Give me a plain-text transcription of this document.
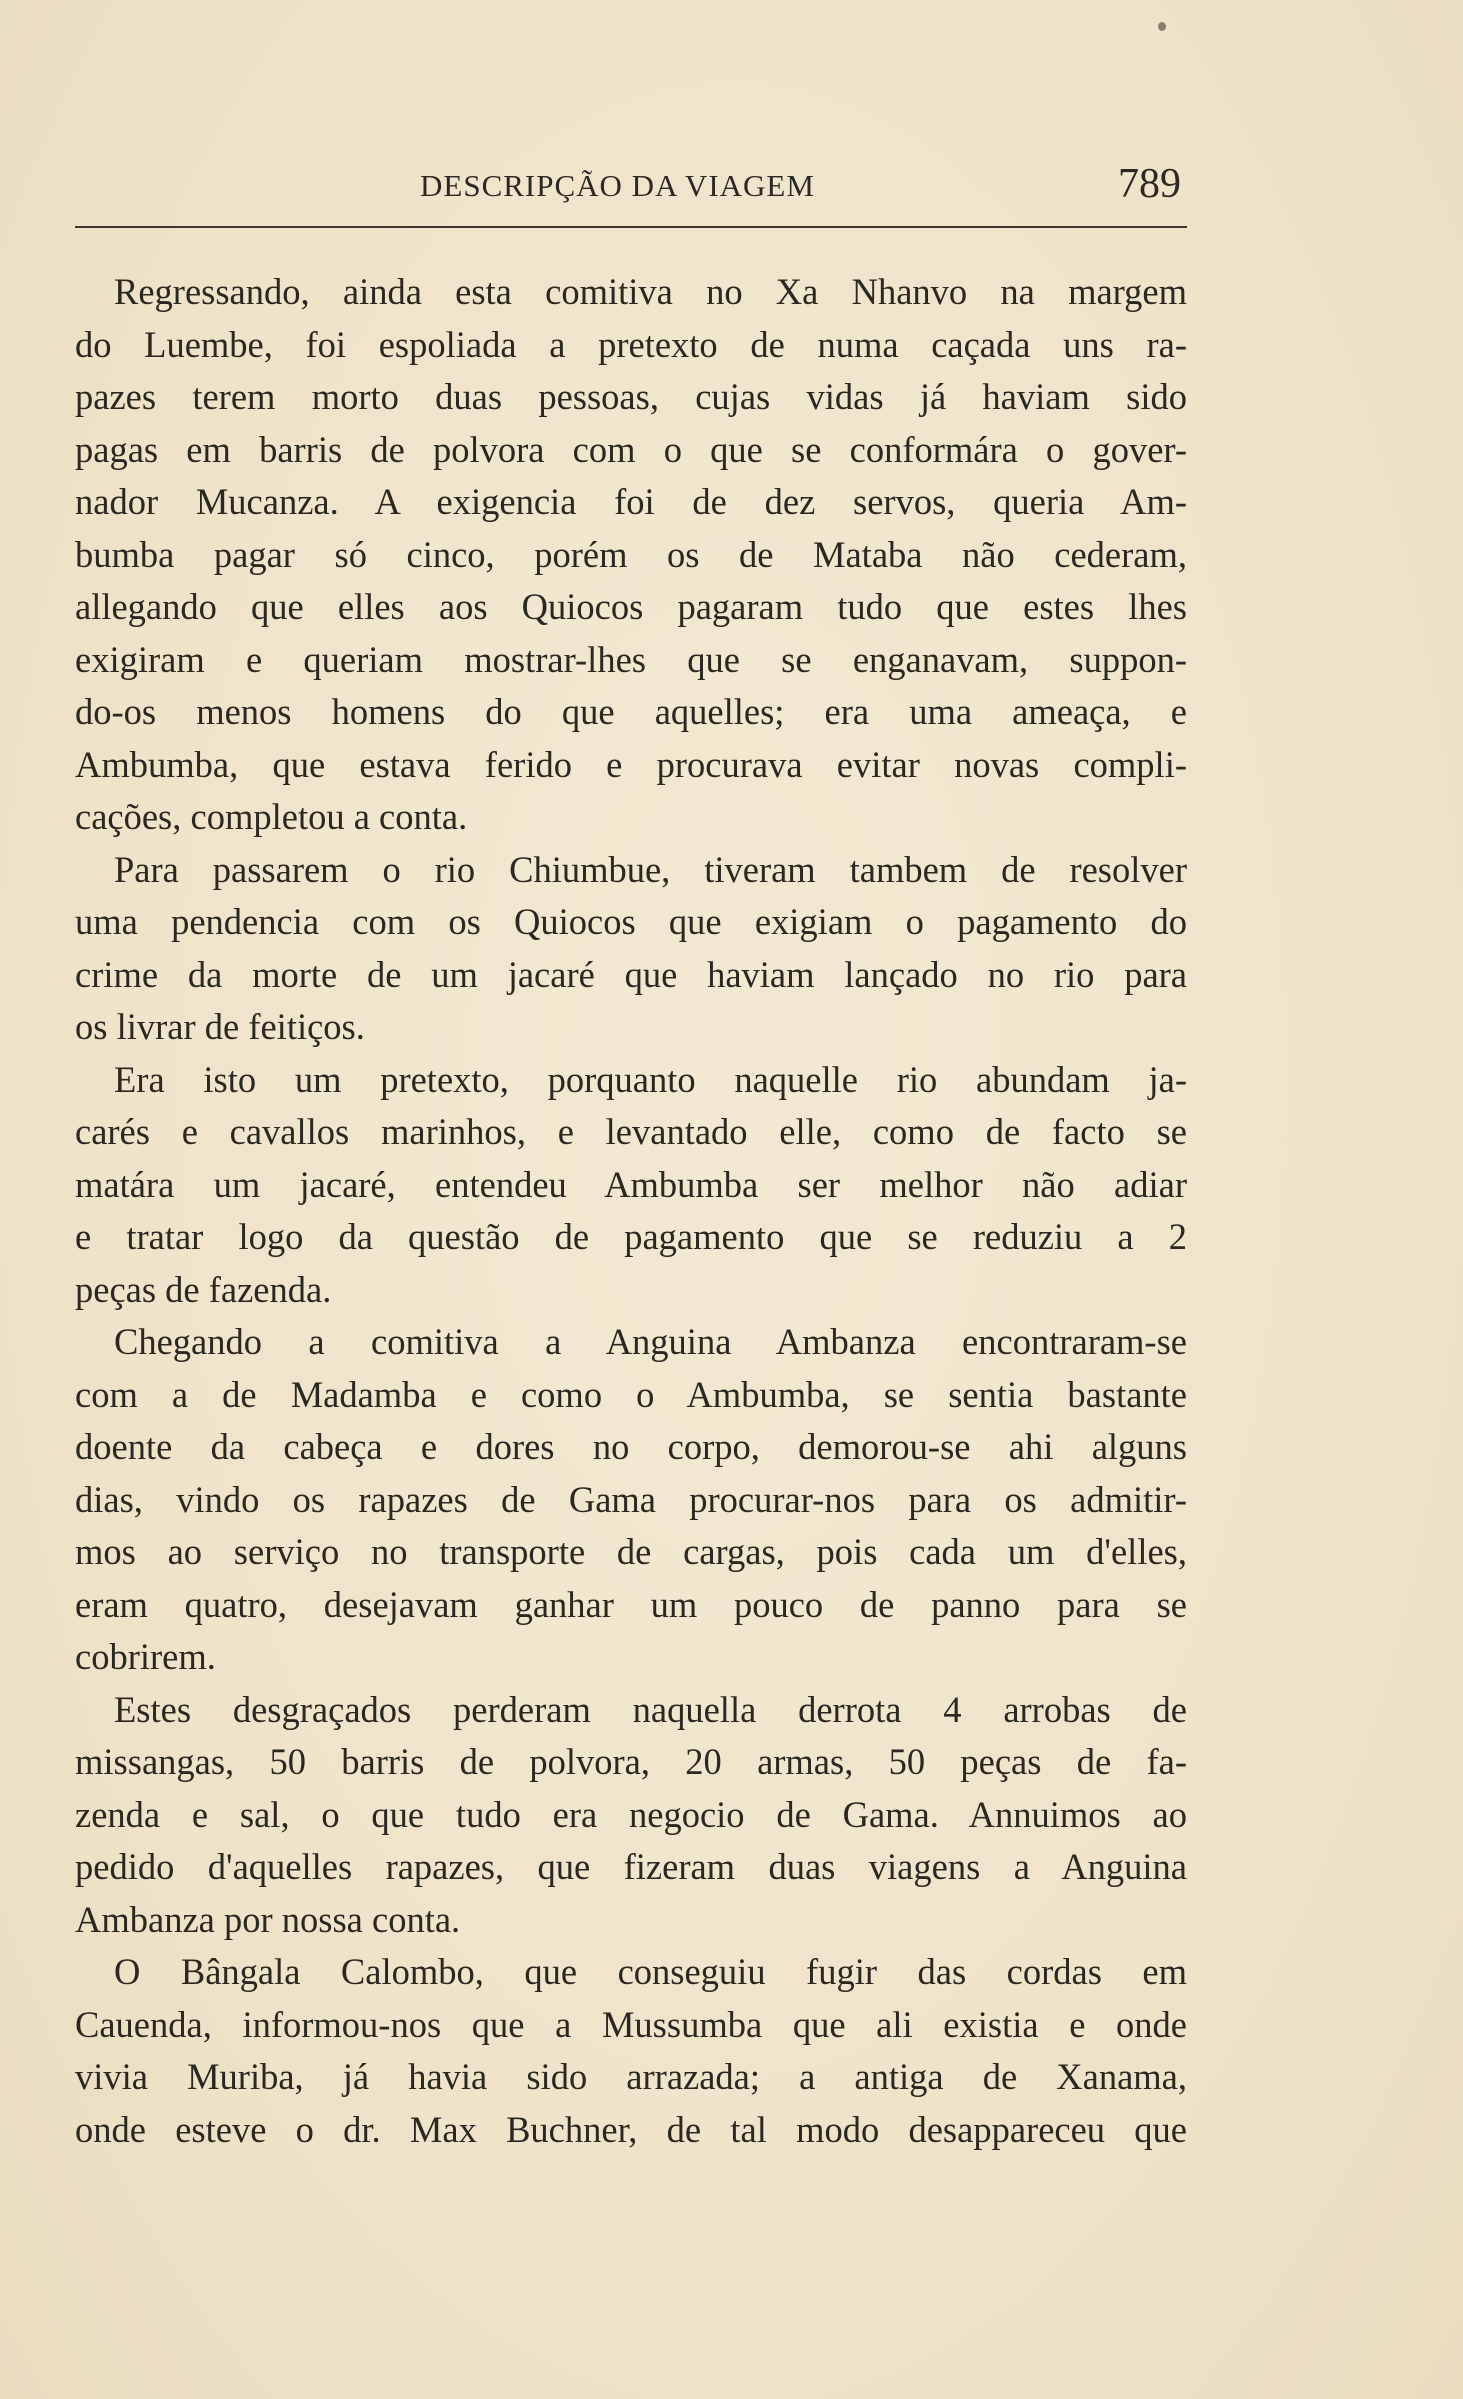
DESCRIPÇÃO DA VIAGEM	789
Regressando, ainda esta comitiva no Xa Nhanvo na margem
do Luembe, foi espoliada a pretexto de numa caçada uns ra-
pazes terem morto duas pessoas, cujas vidas já haviam sido
pagas em barris de polvora com o que se conformára o gover-
nador Mucanza. A exigencia foi de dez servos, queria Am-
bumba pagar só cinco, porém os de Mataba não cederam,
allegando que elles aos Quiocos pagaram tudo que estes lhes
exigiram e queriam mostrar-lhes que se enganavam, suppon-
do-os menos homens do que aquelles; era uma ameaça, e
Ambumba, que estava ferido e procurava evitar novas compli-
cações, completou a conta.
Para passarem o rio Chiumbue, tiveram tambem de resolver
uma pendencia com os Quiocos que exigiam o pagamento do
crime da morte de um jacaré que haviam lançado no rio para
os livrar de feitiços.
Era isto um pretexto, porquanto naquelle rio abundam ja-
carés e cavallos marinhos, e levantado elle, como de facto se
matára um jacaré, entendeu Ambumba ser melhor não adiar
e tratar logo da questão de pagamento que se reduziu a 2
peças de fazenda.
Chegando a comitiva a Anguina Ambanza encontraram-se
com a de Madamba e como o Ambumba, se sentia bastante
doente da cabeça e dores no corpo, demorou-se ahi alguns
dias, vindo os rapazes de Gama procurar-nos para os admitir-
mos ao serviço no transporte de cargas, pois cada um d'elles,
eram quatro, desejavam ganhar um pouco de panno para se
cobrirem.
Estes desgraçados perderam naquella derrota 4 arrobas de
missangas, 50 barris de polvora, 20 armas, 50 peças de fa-
zenda e sal, o que tudo era negocio de Gama. Annuimos ao
pedido d'aquelles rapazes, que fizeram duas viagens a Anguina
Ambanza por nossa conta.
O Bângala Calombo, que conseguiu fugir das cordas em
Cauenda, informou-nos que a Mussumba que ali existia e onde
vivia Muriba, já havia sido arrazada; a antiga de Xanama,
onde esteve o dr. Max Buchner, de tal modo desappareceu que
